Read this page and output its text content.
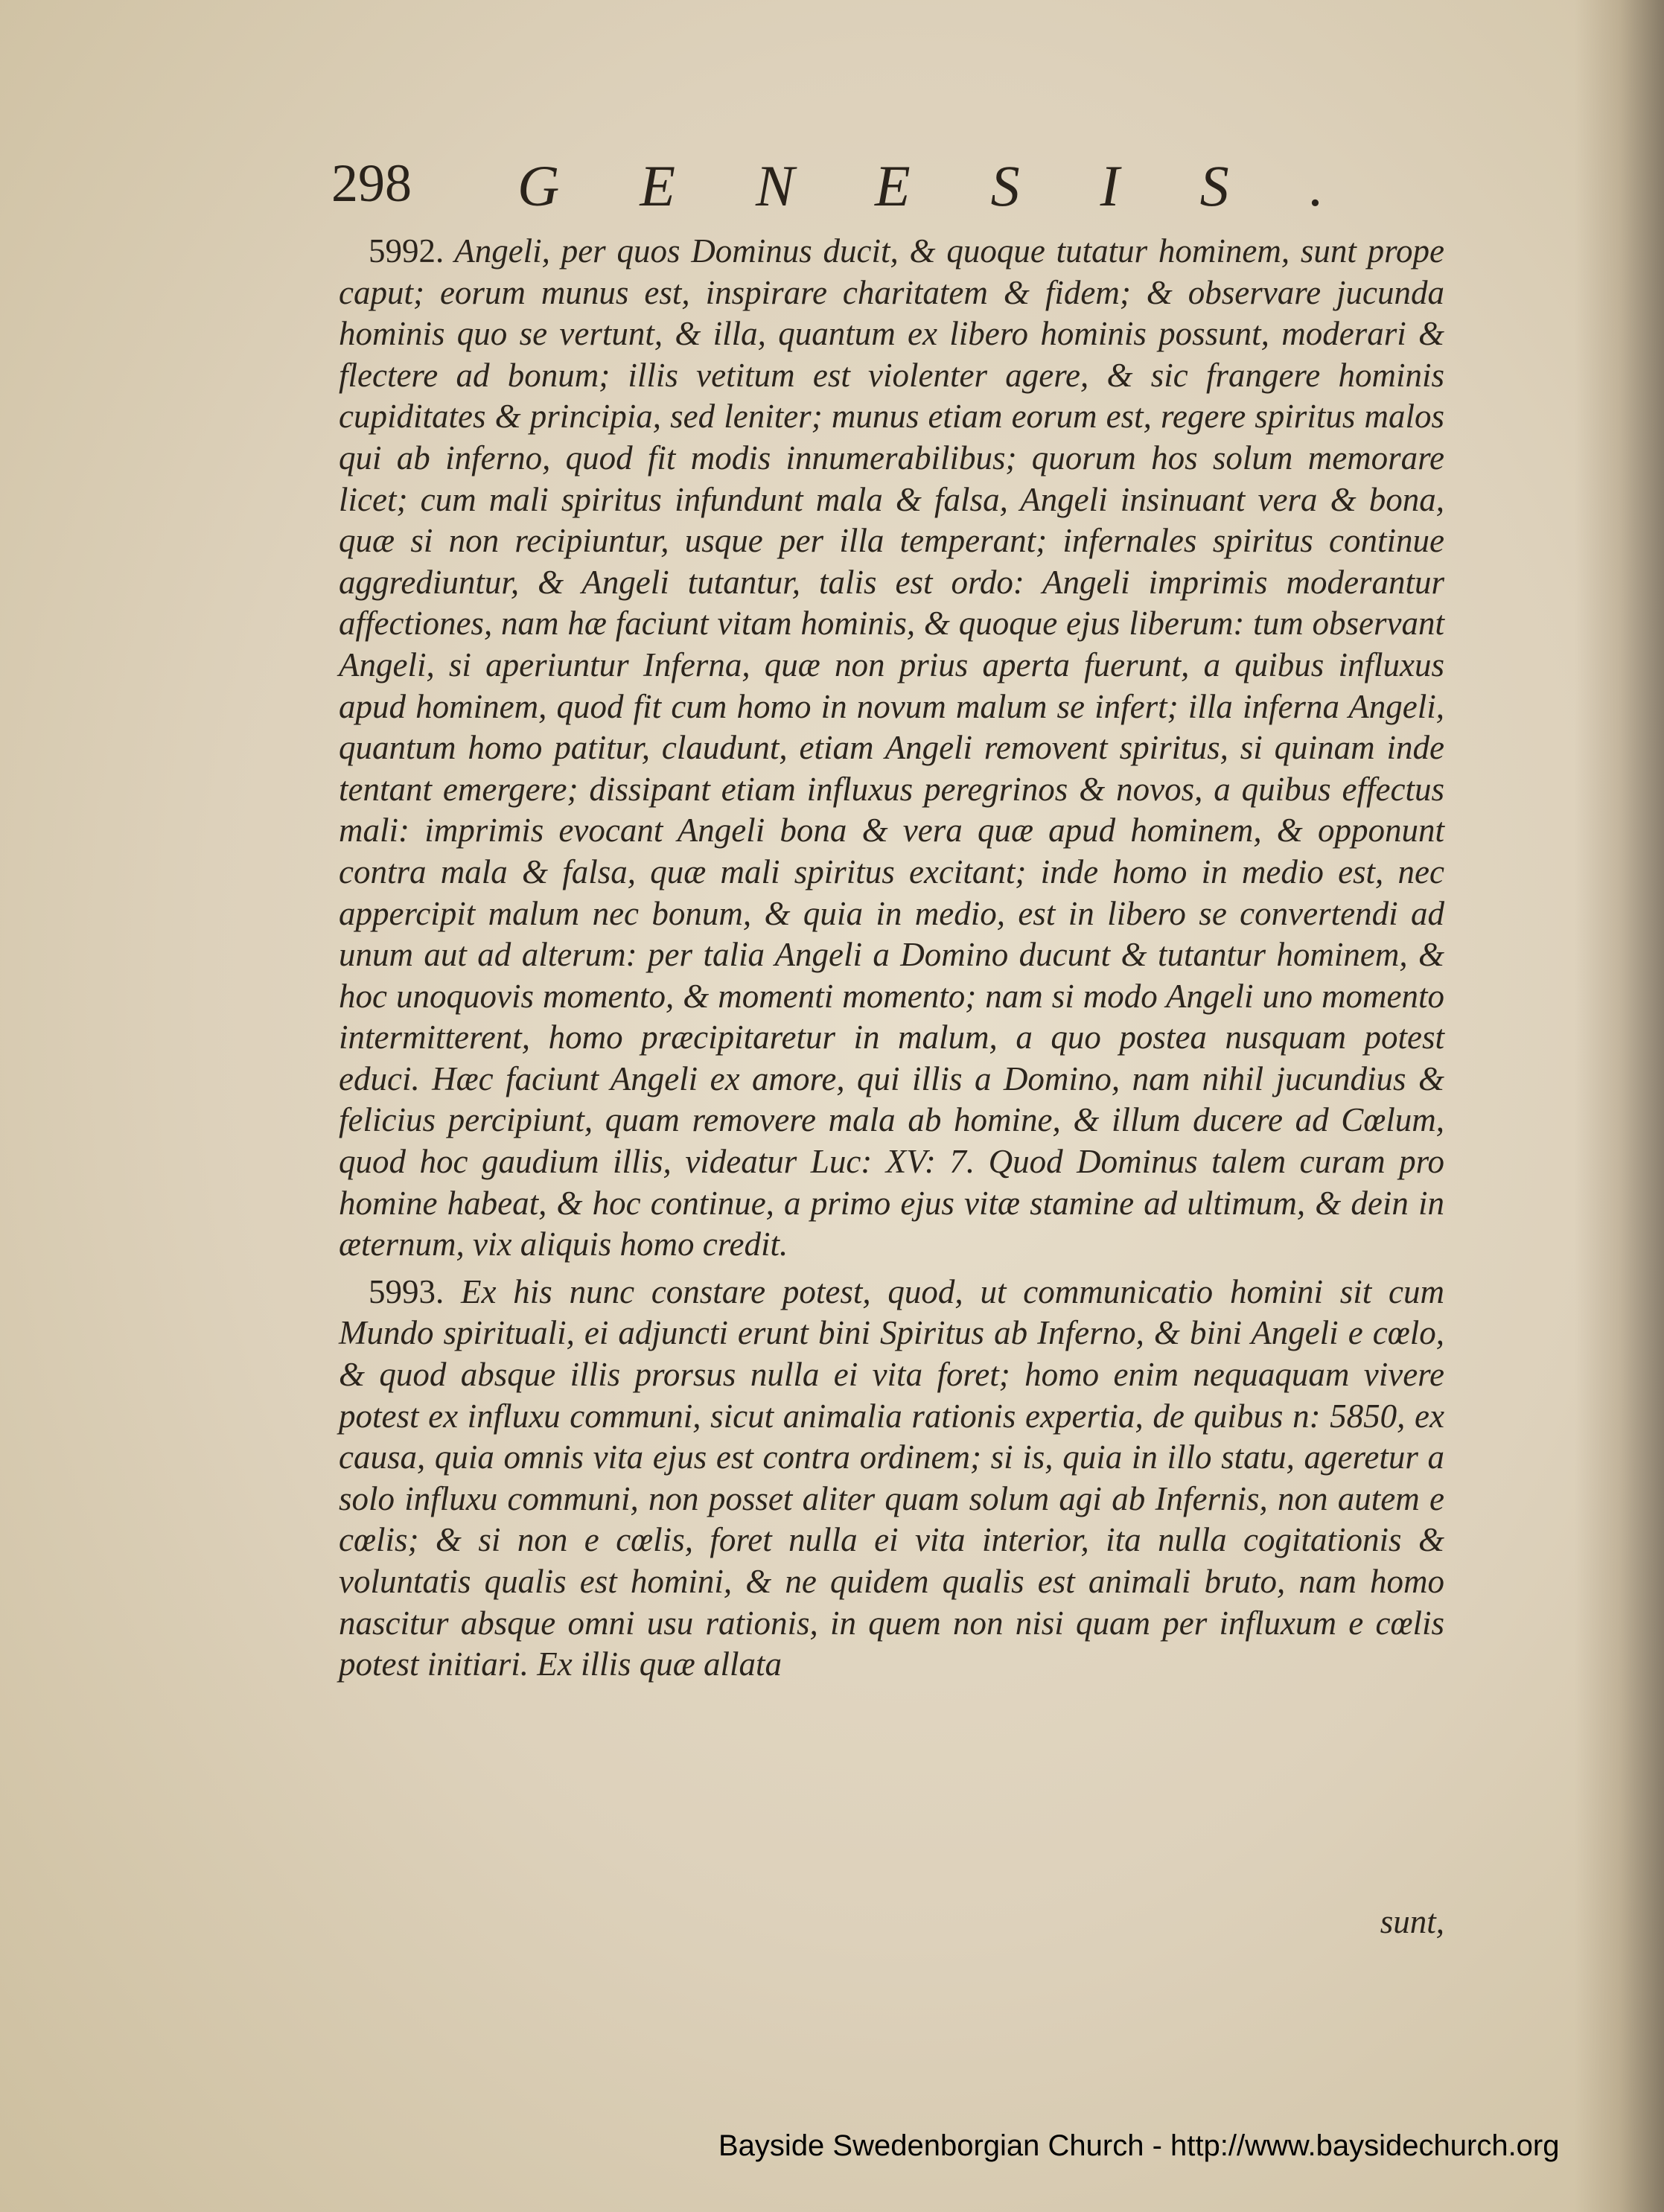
298 GENESIS.

5992. Angeli, per quos Dominus ducit, & quoque tutatur hominem, sunt prope caput; eorum munus est, inspirare charitatem & fidem; & observare jucunda hominis quo se vertunt, & illa, quantum ex libero hominis possunt, moderari & flectere ad bonum; illis vetitum est violenter agere, & sic frangere hominis cupiditates & principia, sed leniter; munus etiam eorum est, regere spiritus malos qui ab inferno, quod fit modis innumerabilibus; quorum hos solum memorare licet; cum mali spiritus infundunt mala & falsa, Angeli insinuant vera & bona, quæ si non recipiuntur, usque per illa temperant; infernales spiritus continue aggrediuntur, & Angeli tutantur, talis est ordo: Angeli imprimis moderantur affectiones, nam hæ faciunt vitam hominis, & quoque ejus liberum: tum observant Angeli, si aperiuntur Inferna, quæ non prius aperta fuerunt, a quibus influxus apud hominem, quod fit cum homo in novum malum se infert; illa inferna Angeli, quantum homo patitur, claudunt, etiam Angeli removent spiritus, si quinam inde tentant emergere; dissipant etiam influxus peregrinos & novos, a quibus effectus mali: imprimis evocant Angeli bona & vera quæ apud hominem, & opponunt contra mala & falsa, quæ mali spiritus excitant; inde homo in medio est, nec appercipit malum nec bonum, & quia in medio, est in libero se convertendi ad unum aut ad alterum: per talia Angeli a Domino ducunt & tutantur hominem, & hoc unoquovis momento, & momenti momento; nam si modo Angeli uno momento intermitterent, homo præcipitaretur in malum, a quo postea nusquam potest educi. Hæc faciunt Angeli ex amore, qui illis a Domino, nam nihil jucundius & felicius percipiunt, quam removere mala ab homine, & illum ducere ad Cœlum, quod hoc gaudium illis, videatur Luc: XV: 7. Quod Dominus talem curam pro homine habeat, & hoc continue, a primo ejus vitæ stamine ad ultimum, & dein in æternum, vix aliquis homo credit.

5993. Ex his nunc constare potest, quod, ut communicatio homini sit cum Mundo spirituali, ei adjuncti erunt bini Spiritus ab Inferno, & bini Angeli e cœlo, & quod absque illis prorsus nulla ei vita foret; homo enim nequaquam vivere potest ex influxu communi, sicut animalia rationis expertia, de quibus n: 5850, ex causa, quia omnis vita ejus est contra ordinem; si is, quia in illo statu, ageretur a solo influxu communi, non posset aliter quam solum agi ab Infernis, non autem e cœlis; & si non e cœlis, foret nulla ei vita interior, ita nulla cogitationis & voluntatis qualis est homini, & ne quidem qualis est animali bruto, nam homo nascitur absque omni usu rationis, in quem non nisi quam per influxum e cœlis potest initiari. Ex illis quæ allata

sunt,
Bayside Swedenborgian Church - http://www.baysidechurch.org
